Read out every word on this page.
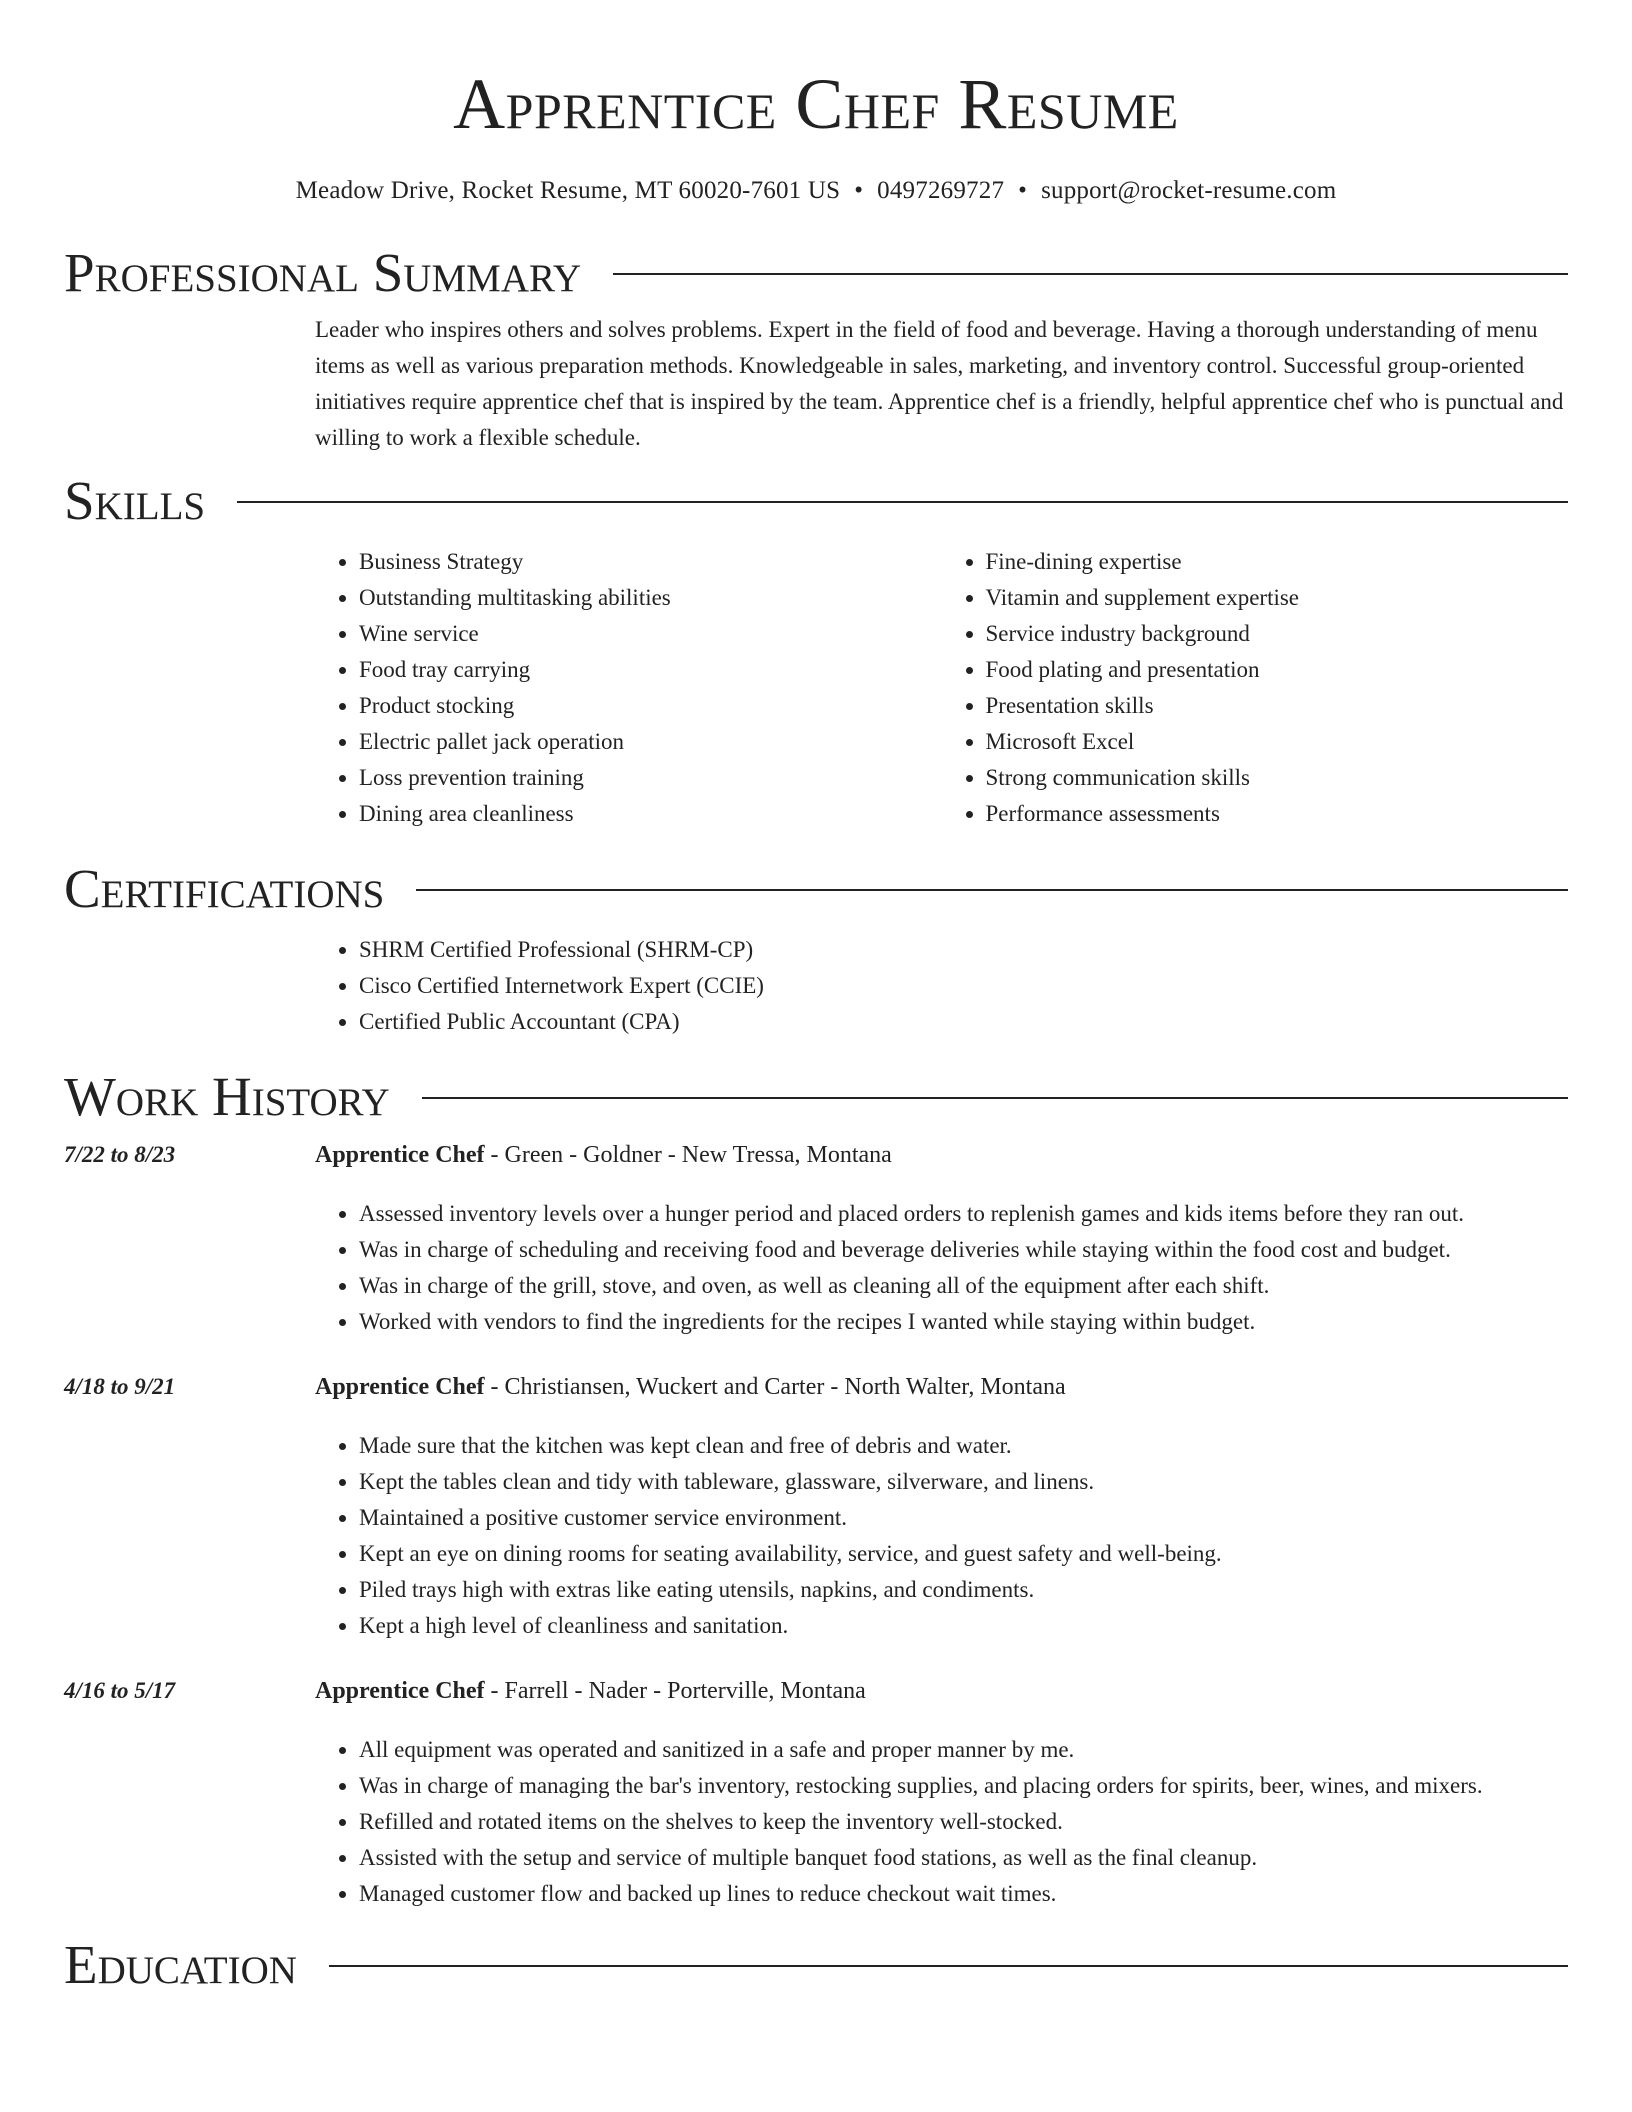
Apprentice Chef Resume
Meadow Drive, Rocket Resume, MT 60020-7601 US • 0497269727 • support@rocket-resume.com
Professional Summary
Leader who inspires others and solves problems. Expert in the field of food and beverage. Having a thorough understanding of menu items as well as various preparation methods. Knowledgeable in sales, marketing, and inventory control. Successful group-oriented initiatives require apprentice chef that is inspired by the team. Apprentice chef is a friendly, helpful apprentice chef who is punctual and willing to work a flexible schedule.
Skills
• Business Strategy
• Outstanding multitasking abilities
• Wine service
• Food tray carrying
• Product stocking
• Electric pallet jack operation
• Loss prevention training
• Dining area cleanliness
• Fine-dining expertise
• Vitamin and supplement expertise
• Service industry background
• Food plating and presentation
• Presentation skills
• Microsoft Excel
• Strong communication skills
• Performance assessments
Certifications
• SHRM Certified Professional (SHRM-CP)
• Cisco Certified Internetwork Expert (CCIE)
• Certified Public Accountant (CPA)
Work History
7/22 to 8/23	Apprentice Chef - Green - Goldner - New Tressa, Montana
• Assessed inventory levels over a hunger period and placed orders to replenish games and kids items before they ran out.
• Was in charge of scheduling and receiving food and beverage deliveries while staying within the food cost and budget.
• Was in charge of the grill, stove, and oven, as well as cleaning all of the equipment after each shift.
• Worked with vendors to find the ingredients for the recipes I wanted while staying within budget.
4/18 to 9/21	Apprentice Chef - Christiansen, Wuckert and Carter - North Walter, Montana
• Made sure that the kitchen was kept clean and free of debris and water.
• Kept the tables clean and tidy with tableware, glassware, silverware, and linens.
• Maintained a positive customer service environment.
• Kept an eye on dining rooms for seating availability, service, and guest safety and well-being.
• Piled trays high with extras like eating utensils, napkins, and condiments.
• Kept a high level of cleanliness and sanitation.
4/16 to 5/17	Apprentice Chef - Farrell - Nader - Porterville, Montana
• All equipment was operated and sanitized in a safe and proper manner by me.
• Was in charge of managing the bar's inventory, restocking supplies, and placing orders for spirits, beer, wines, and mixers.
• Refilled and rotated items on the shelves to keep the inventory well-stocked.
• Assisted with the setup and service of multiple banquet food stations, as well as the final cleanup.
• Managed customer flow and backed up lines to reduce checkout wait times.
Education
